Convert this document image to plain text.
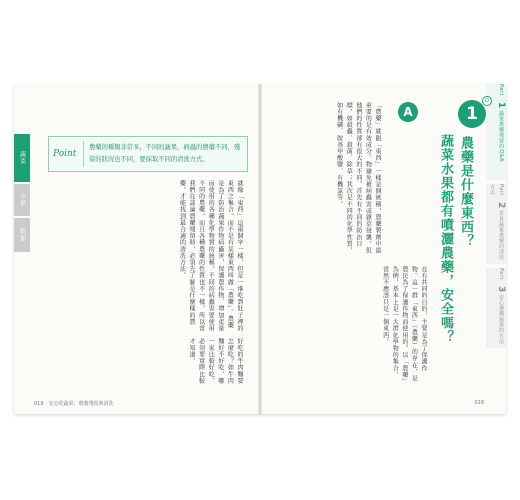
蔬菜
水果
穀類
Point
農藥的種類非常多，不同的蔬果，病蟲的農藥不同，殘留的狀況也不同，要採取不同的清洗方式。
就像「東西」這兩個字一樣，但是一堆吃到肚子裡的東西之集合。而不是有某樣東西叫做「農藥」。農藥是為了防治蔬果作物病蟲害，保護農作物、增加產量而使用的各種化學物質的統稱。不同的病蟲害要使用不同的農藥，而且各種農藥的性質也不一樣，所以當我們在談論農藥殘留時，必須先了解是什麼樣的農藥，才能找到最合適的清洗方法。
好吃的牛肉麵要怎麼吃？如牛肉麵好不好吃，哪一家比較好吃，必須要實際比較才知道。
019　安心吃蔬果：農藥殘留與清洗
Part 1 蔬果農藥殘留的Q&A
Part 2 常見蔬果農藥的清洗方式
Part 3 安心選購蔬果的方法
1
Q
農藥是什麼東西？
蔬菜水果都有噴灑農藥，安全嗎？
A
「農藥」就跟「東西」一樣是個統稱，農藥製劑中最重要的是有效成分。物避免被病蟲害或雜草侵襲，但他們的性質卻有很大的不同。首先有不同的防治目標，如殺蟲、殺菌、除草；其次是不同的化學性質，如有機磷、胺基甲酸鹽、有機氯等。
在有共同的目的，主要是為了保護作物。這一群「東西」（農藥）的存在，是農民為了保護作物而使用的。以「農藥」為例，基本上是一大群化學物的集合，當然不應該只是一個東西。
018
